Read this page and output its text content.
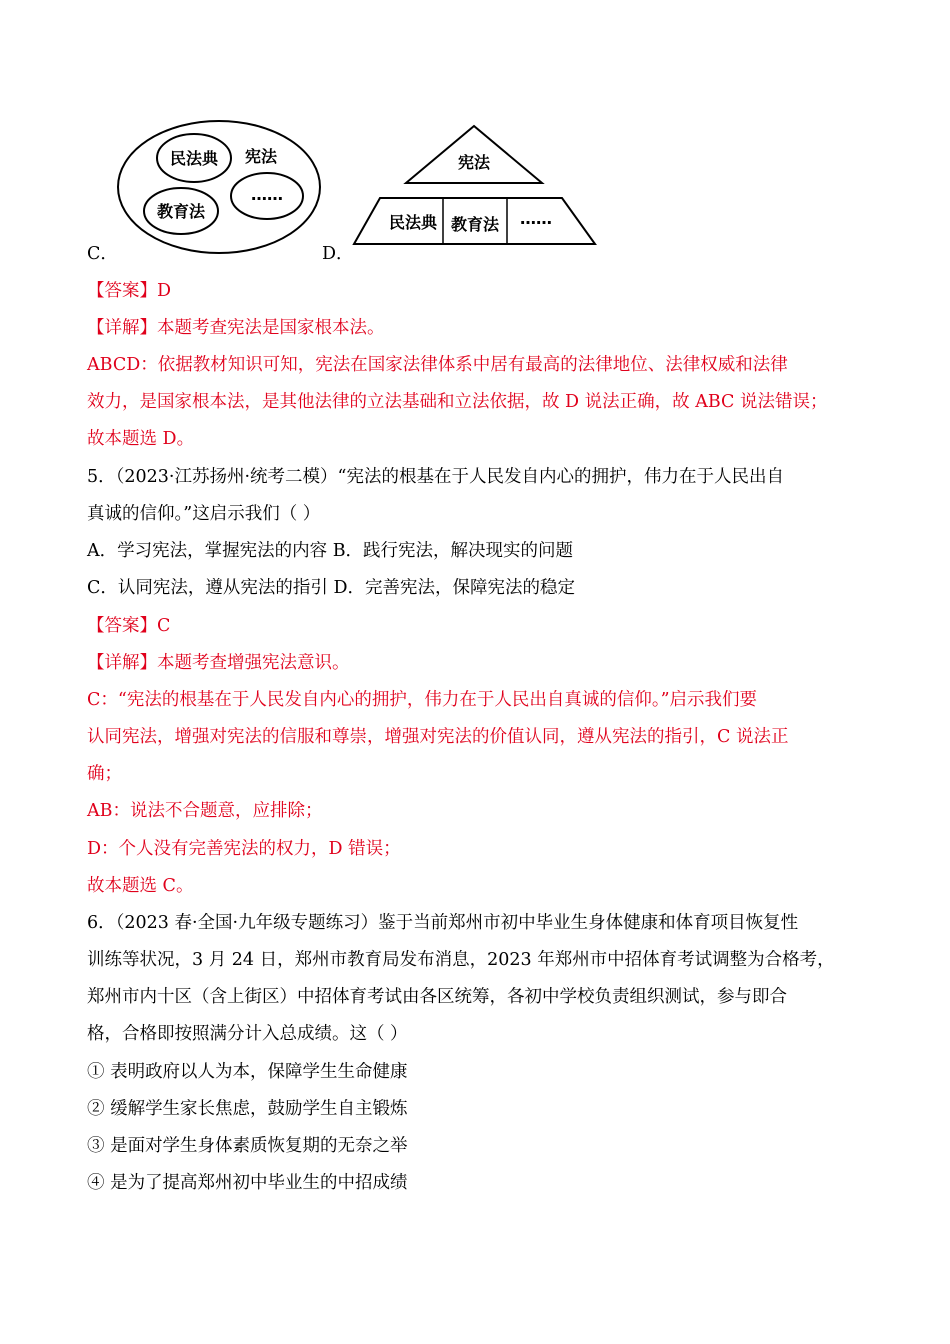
C．
宪法
民法典
教育法
……
D．
宪法
民法典 教育法 ……
【答案】D
【详解】本题考查宪法是国家根本法。
ABCD：依据教材知识可知，宪法在国家法律体系中居有最高的法律地位、法律权威和法律
效力，是国家根本法，是其他法律的立法基础和立法依据，故 D 说法正确，故 ABC 说法错误；
故本题选 D。
5．（2023·江苏扬州·统考二模）“宪法的根基在于人民发自内心的拥护，伟力在于人民出自
真诚的信仰。”这启示我们（ ）
A．学习宪法，掌握宪法的内容 B．践行宪法，解决现实的问题
C．认同宪法，遵从宪法的指引 D．完善宪法，保障宪法的稳定
【答案】C
【详解】本题考查增强宪法意识。
C：“宪法的根基在于人民发自内心的拥护，伟力在于人民出自真诚的信仰。”启示我们要
认同宪法，增强对宪法的信服和尊崇，增强对宪法的价值认同，遵从宪法的指引，C 说法正
确；
AB：说法不合题意，应排除；
D：个人没有完善宪法的权力，D 错误；
故本题选 C。
6．（2023 春·全国·九年级专题练习）鉴于当前郑州市初中毕业生身体健康和体育项目恢复性
训练等状况，3 月 24 日，郑州市教育局发布消息，2023 年郑州市中招体育考试调整为合格考，
郑州市内十区（含上街区）中招体育考试由各区统筹，各初中学校负责组织测试，参与即合
格，合格即按照满分计入总成绩。这（ ）
① 表明政府以人为本，保障学生生命健康
② 缓解学生家长焦虑，鼓励学生自主锻炼
③ 是面对学生身体素质恢复期的无奈之举
④ 是为了提高郑州初中毕业生的中招成绩
